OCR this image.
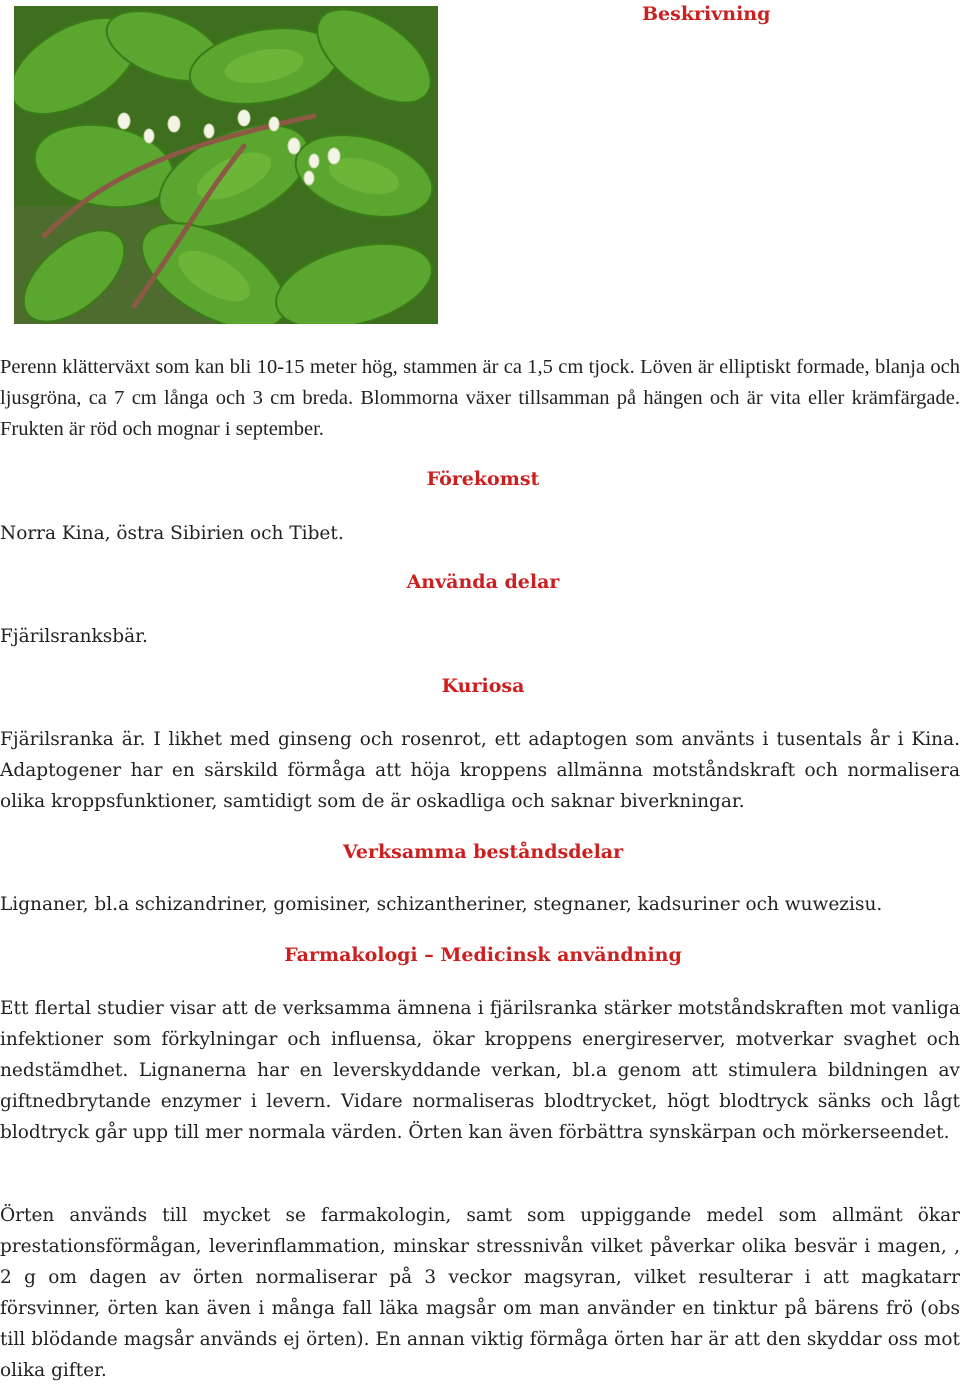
Beskrivning

Perenn klätterväxt som kan bli 10-15 meter hög, stammen är ca 1,5 cm tjock. Löven är elliptiskt formade, blanja och ljusgröna, ca 7 cm långa och 3 cm breda. Blommorna växer tillsamman på hängen och är vita eller krämfärgade. Frukten är röd och mognar i september.

Förekomst

Norra Kina, östra Sibirien och Tibet.

Använda delar

Fjärilsranksbär.

Kuriosa

Fjärilsranka är. I likhet med ginseng och rosenrot, ett adaptogen som använts i tusentals år i Kina. Adaptogener har en särskild förmåga att höja kroppens allmänna motståndskraft och normalisera olika kroppsfunktioner, samtidigt som de är oskadliga och saknar biverkningar.

Verksamma beståndsdelar

Lignaner, bl.a schizandriner, gomisiner, schizantheriner, stegnaner, kadsuriner och wuwezisu.

Farmakologi – Medicinsk användning

Ett flertal studier visar att de verksamma ämnena i fjärilsranka stärker motståndskraften mot vanliga infektioner som förkylningar och influensa, ökar kroppens energireserver, motverkar svaghet och nedstämdhet. Lignanerna har en leverskyddande verkan, bl.a genom att stimulera bildningen av giftnedbrytande enzymer i levern. Vidare normaliseras blodtrycket, högt blodtryck sänks och lågt blodtryck går upp till mer normala värden. Örten kan även förbättra synskärpan och mörkerseendet.

Örten används till mycket se farmakologin, samt som uppiggande medel som allmänt ökar prestationsförmågan, leverinflammation, minskar stressnivån vilket påverkar olika besvär i magen, , 2 g om dagen av örten normaliserar på 3 veckor magsyran, vilket resulterar i att magkatarr försvinner, örten kan även i många fall läka magsår om man använder en tinktur på bärens frö (obs till blödande magsår används ej örten). En annan viktig förmåga örten har är att den skyddar oss mot olika gifter.
